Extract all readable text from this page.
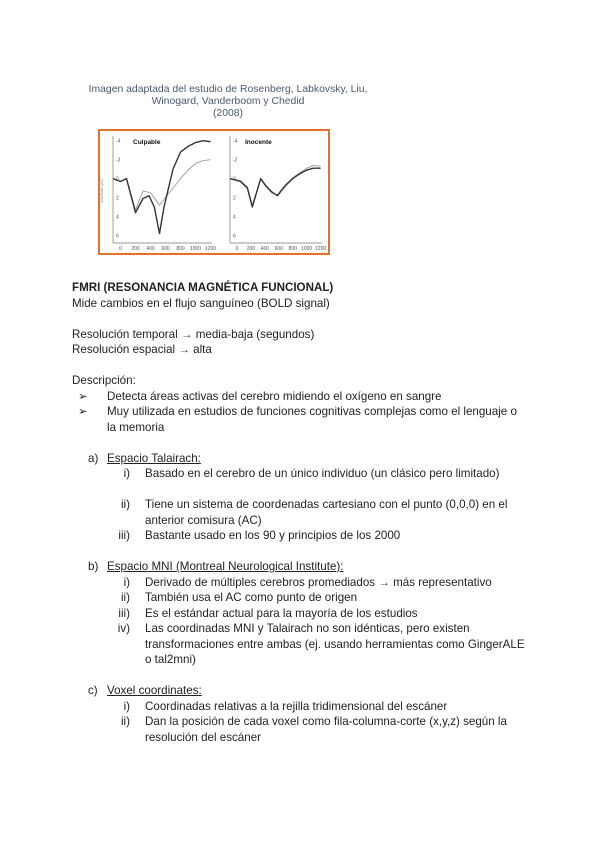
Imagen adaptada del estudio de Rosenberg, Labkovsky, Liu,
Winogard, Vanderboom y Chedid
(2008)
-4
-2
0
2
4
6
0 200 400 600 800 1000 1200
Culpable
Amplitude (µV)
-4
-2
0
2
4
6
0 200 400 600 800 1000 1200
Inocente
FMRI (RESONANCIA MAGNÉTICA FUNCIONAL)
Mide cambios en el flujo sanguíneo (BOLD signal)
Resolución temporal → media-baja (segundos)
Resolución espacial → alta
Descripción:
➢	Detecta áreas activas del cerebro midiendo el oxígeno en sangre
➢	Muy utilizada en estudios de funciones cognitivas complejas como el lenguaje o la memoria
a) Espacio Talairach:
i) Basado en el cerebro de un único individuo (un clásico pero limitado)
ii) Tiene un sistema de coordenadas cartesiano con el punto (0,0,0) en el anterior comisura (AC)
iii) Bastante usado en los 90 y principios de los 2000
b) Espacio MNI (Montreal Neurological Institute):
i) Derivado de múltiples cerebros promediados → más representativo
ii) También usa el AC como punto de origen
iii) Es el estándar actual para la mayoría de los estudios
iv) Las coordinadas MNI y Talairach no son idénticas, pero existen transformaciones entre ambas (ej. usando herramientas como GingerALE o tal2mni)
c) Voxel coordinates:
i) Coordinadas relativas a la rejilla tridimensional del escáner
ii) Dan la posición de cada voxel como fila-columna-corte (x,y,z) según la resolución del escáner
